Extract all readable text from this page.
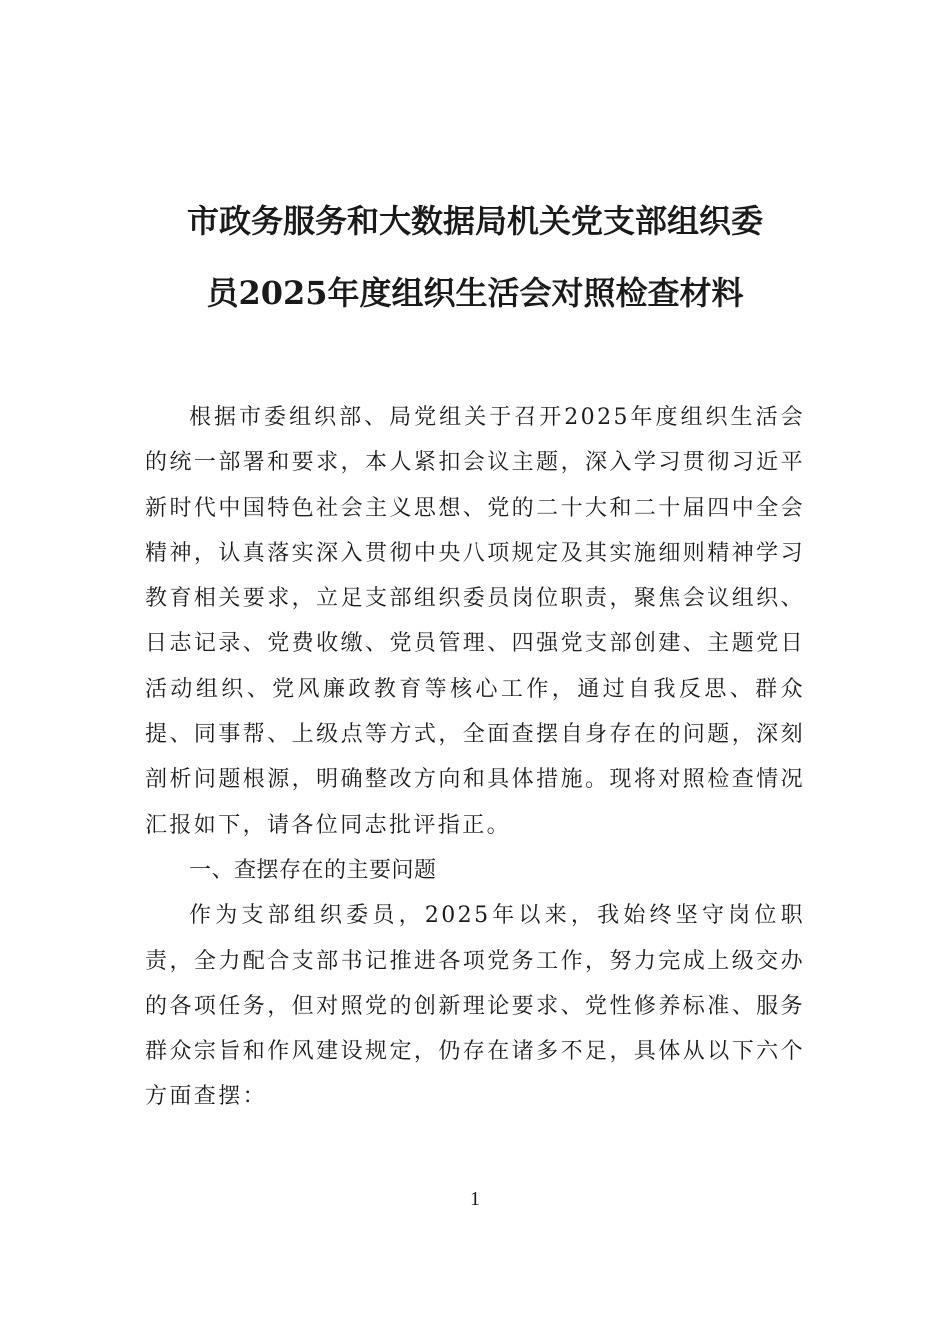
市政务服务和大数据局机关党支部组织委
员2025年度组织生活会对照检查材料

根据市委组织部、局党组关于召开2025年度组织生活会的统一部署和要求，本人紧扣会议主题，深入学习贯彻习近平新时代中国特色社会主义思想、党的二十大和二十届四中全会精神，认真落实深入贯彻中央八项规定及其实施细则精神学习教育相关要求，立足支部组织委员岗位职责，聚焦会议组织、日志记录、党费收缴、党员管理、四强党支部创建、主题党日活动组织、党风廉政教育等核心工作，通过自我反思、群众提、同事帮、上级点等方式，全面查摆自身存在的问题，深刻剖析问题根源，明确整改方向和具体措施。现将对照检查情况汇报如下，请各位同志批评指正。

一、查摆存在的主要问题

作为支部组织委员，2025年以来，我始终坚守岗位职责，全力配合支部书记推进各项党务工作，努力完成上级交办的各项任务，但对照党的创新理论要求、党性修养标准、服务群众宗旨和作风建设规定，仍存在诸多不足，具体从以下六个方面查摆：

1
